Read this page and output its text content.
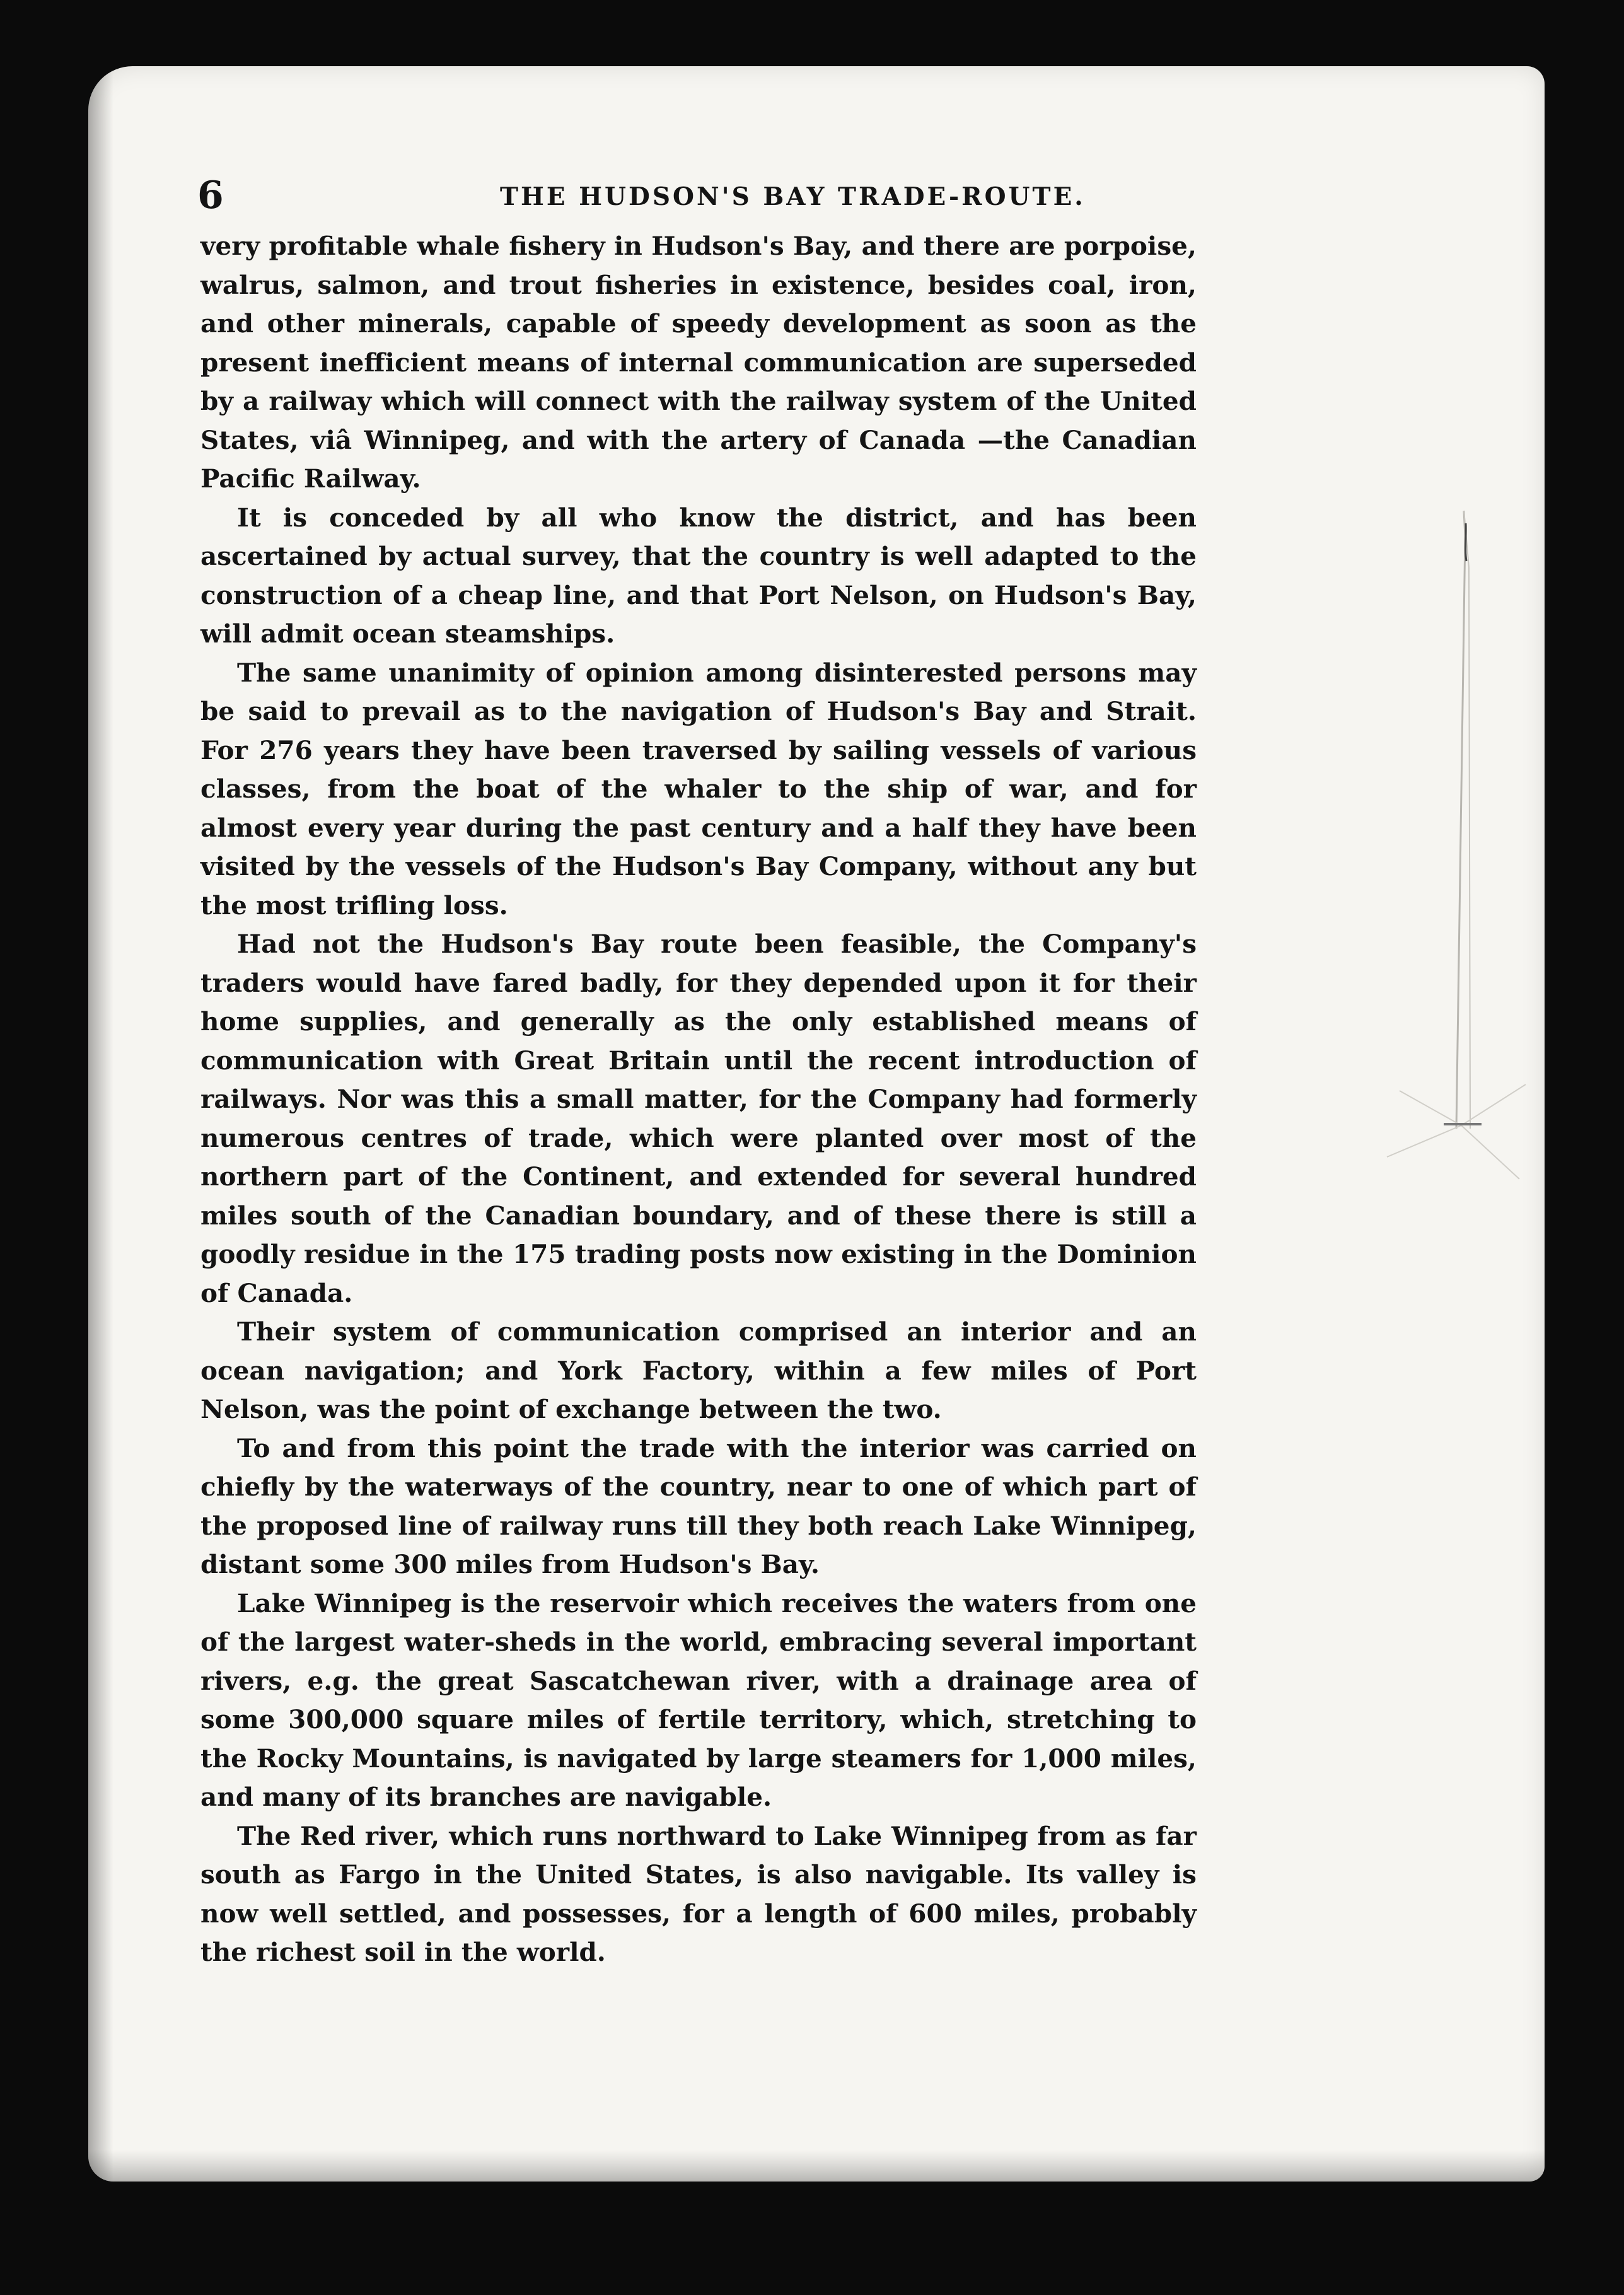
6	THE HUDSON'S BAY TRADE-ROUTE.

very profitable whale fishery in Hudson's Bay, and there are porpoise, walrus, salmon, and trout fisheries in existence, besides coal, iron, and other minerals, capable of speedy development as soon as the present inefficient means of internal communication are superseded by a railway which will connect with the railway system of the United States, viâ Winnipeg, and with the artery of Canada —the Canadian Pacific Railway.

It is conceded by all who know the district, and has been ascertained by actual survey, that the country is well adapted to the construction of a cheap line, and that Port Nelson, on Hudson's Bay, will admit ocean steamships.

The same unanimity of opinion among disinterested persons may be said to prevail as to the navigation of Hudson's Bay and Strait. For 276 years they have been traversed by sailing vessels of various classes, from the boat of the whaler to the ship of war, and for almost every year during the past century and a half they have been visited by the vessels of the Hudson's Bay Company, without any but the most trifling loss.

Had not the Hudson's Bay route been feasible, the Company's traders would have fared badly, for they depended upon it for their home supplies, and generally as the only established means of communication with Great Britain until the recent introduction of railways. Nor was this a small matter, for the Company had formerly numerous centres of trade, which were planted over most of the northern part of the Continent, and extended for several hundred miles south of the Canadian boundary, and of these there is still a goodly residue in the 175 trading posts now existing in the Dominion of Canada.

Their system of communication comprised an interior and an ocean navigation; and York Factory, within a few miles of Port Nelson, was the point of exchange between the two.

To and from this point the trade with the interior was carried on chiefly by the waterways of the country, near to one of which part of the proposed line of railway runs till they both reach Lake Winnipeg, distant some 300 miles from Hudson's Bay.

Lake Winnipeg is the reservoir which receives the waters from one of the largest water-sheds in the world, embracing several important rivers, e.g. the great Sascatchewan river, with a drainage area of some 300,000 square miles of fertile territory, which, stretching to the Rocky Mountains, is navigated by large steamers for 1,000 miles, and many of its branches are navigable.

The Red river, which runs northward to Lake Winnipeg from as far south as Fargo in the United States, is also navigable. Its valley is now well settled, and possesses, for a length of 600 miles, probably the richest soil in the world.
